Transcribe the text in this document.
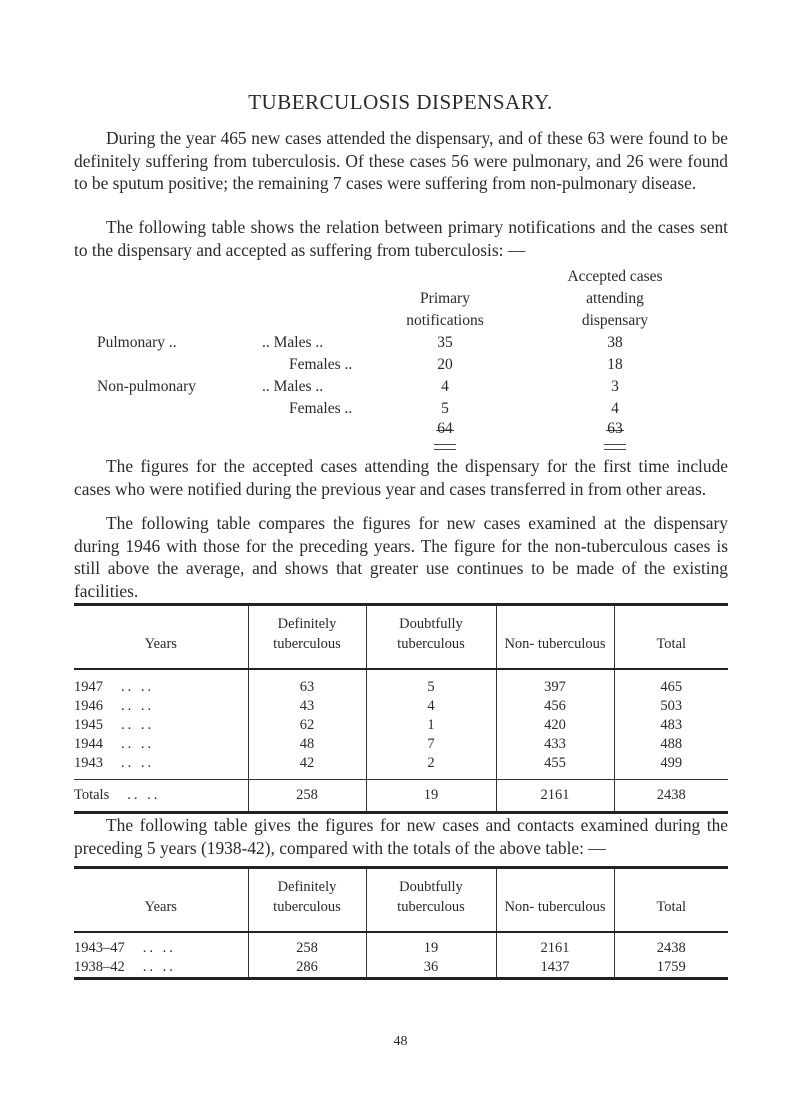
TUBERCULOSIS DISPENSARY.

During the year 465 new cases attended the dispensary, and of these 63 were found to be definitely suffering from tuberculosis. Of these cases 56 were pulmonary, and 26 were found to be sputum positive; the remaining 7 cases were suffering from non-pulmonary disease.

The following table shows the relation between primary notifications and the cases sent to the dispensary and accepted as suffering from tuberculosis: —

Accepted cases
Primary	attending
notifications	dispensary
Pulmonary ..	.. Males ..	35	38
Females ..	20	18
Non-pulmonary	.. Males ..	4	3
Females ..	5	4
64	63

The figures for the accepted cases attending the dispensary for the first time include cases who were notified during the previous year and cases transferred in from other areas.

The following table compares the figures for new cases examined at the dispensary during 1946 with those for the preceding years. The figure for the non-tuberculous cases is still above the average, and shows that greater use continues to be made of the existing facilities.

Years	Definitely tuberculous	Doubtfully tuberculous	Non- tuberculous	Total
1947 .. ..	63	5	397	465
1946 .. ..	43	4	456	503
1945 .. ..	62	1	420	483
1944 .. ..	48	7	433	488
1943 .. ..	42	2	455	499
Totals .. ..	258	19	2161	2438

The following table gives the figures for new cases and contacts examined during the preceding 5 years (1938-42), compared with the totals of the above table: —

Years	Definitely tuberculous	Doubtfully tuberculous	Non- tuberculous	Total
1943–47 .. ..	258	19	2161	2438
1938–42 .. ..	286	36	1437	1759
48
